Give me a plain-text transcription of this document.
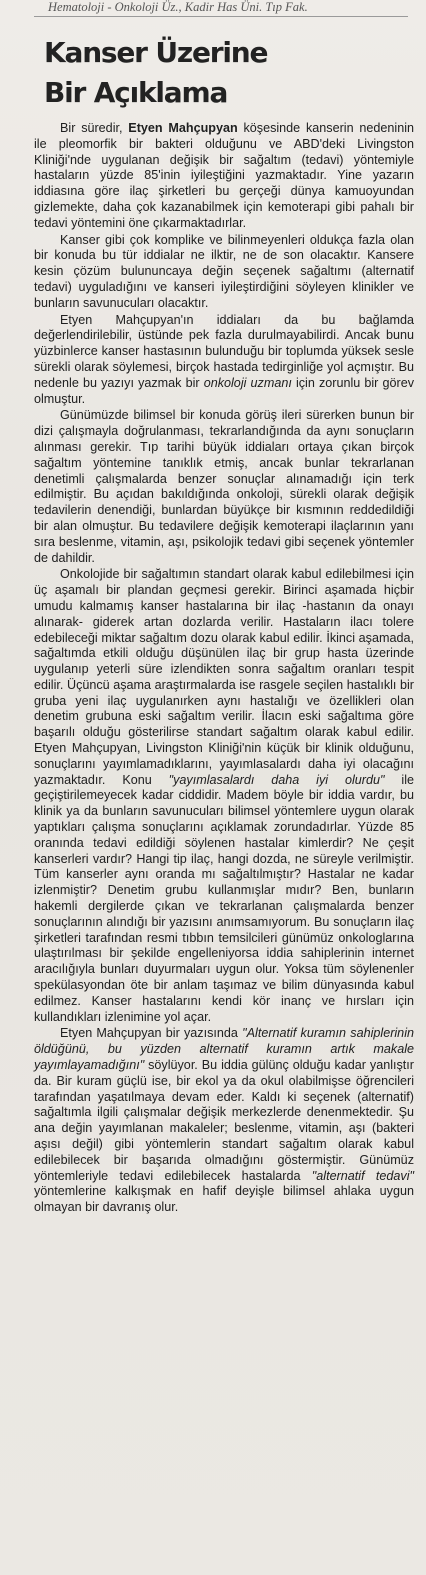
Hematoloji - Onkoloji Üz., Kadir Has Üni. Tıp Fak.
Kanser Üzerine
Bir Açıklama

Bir süredir, Etyen Mahçupyan köşesinde kanserin nedeninin ile pleomorfik bir bakteri olduğunu ve ABD'deki Livingston Kliniği'nde uygulanan değişik bir sağaltım (tedavi) yöntemiyle hastaların yüzde 85'inin iyileştiğini yazmaktadır. Yine yazarın iddiasına göre ilaç şirketleri bu gerçeği dünya kamuoyundan gizlemekte, daha çok kazanabilmek için kemoterapi gibi pahalı bir tedavi yöntemini öne çıkarmaktadırlar.

Kanser gibi çok komplike ve bilinmeyenleri oldukça fazla olan bir konuda bu tür iddialar ne ilktir, ne de son olacaktır. Kansere kesin çözüm bulununcaya değin seçenek sağaltımı (alternatif tedavi) uyguladığını ve kanseri iyileştirdiğini söyleyen klinikler ve bunların savunucuları olacaktır.

Etyen Mahçupyan'ın iddiaları da bu bağlamda değerlendirilebilir, üstünde pek fazla durulmayabilirdi. Ancak bunu yüzbinlerce kanser hastasının bulunduğu bir toplumda yüksek sesle sürekli olarak söylemesi, birçok hastada tedirginliğe yol açmıştır. Bu nedenle bu yazıyı yazmak bir onkoloji uzmanı için zorunlu bir görev olmuştur.

Günümüzde bilimsel bir konuda görüş ileri sürerken bunun bir dizi çalışmayla doğrulanması, tekrarlandığında da aynı sonuçların alınması gerekir. Tıp tarihi büyük iddiaları ortaya çıkan birçok sağaltım yöntemine tanıklık etmiş, ancak bunlar tekrarlanan denetimli çalışmalarda benzer sonuçlar alınamadığı için terk edilmiştir. Bu açıdan bakıldığında onkoloji, sürekli olarak değişik tedavilerin denendiği, bunlardan büyükçe bir kısmının reddedildiği bir alan olmuştur. Bu tedavilere değişik kemoterapi ilaçlarının yanı sıra beslenme, vitamin, aşı, psikolojik tedavi gibi seçenek yöntemler de dahildir.

Onkolojide bir sağaltımın standart olarak kabul edilebilmesi için üç aşamalı bir plandan geçmesi gerekir. Birinci aşamada hiçbir umudu kalmamış kanser hastalarına bir ilaç -hastanın da onayı alınarak- giderek artan dozlarda verilir. Hastaların ilacı tolere edebileceği miktar sağaltım dozu olarak kabul edilir. İkinci aşamada, sağaltımda etkili olduğu düşünülen ilaç bir grup hasta üzerinde uygulanıp yeterli süre izlendikten sonra sağaltım oranları tespit edilir. Üçüncü aşama araştırmalarda ise rasgele seçilen hastalıklı bir gruba yeni ilaç uygulanırken aynı hastalığı ve özellikleri olan denetim grubuna eski sağaltım verilir. İlacın eski sağaltıma göre başarılı olduğu gösterilirse standart sağaltım olarak kabul edilir. Etyen Mahçupyan, Livingston Kliniği'nin küçük bir klinik olduğunu, sonuçlarını yayımlamadıklarını, yayımlasalardı daha iyi olacağını yazmaktadır. Konu "yayımlasalardı daha iyi olurdu" ile geçiştirilemeyecek kadar ciddidir. Madem böyle bir iddia vardır, bu klinik ya da bunların savunucuları bilimsel yöntemlere uygun olarak yaptıkları çalışma sonuçlarını açıklamak zorundadırlar. Yüzde 85 oranında tedavi edildiği söylenen hastalar kimlerdir? Ne çeşit kanserleri vardır? Hangi tip ilaç, hangi dozda, ne süreyle verilmiştir. Tüm kanserler aynı oranda mı sağaltılmıştır? Hastalar ne kadar izlenmiştir? Denetim grubu kullanmışlar mıdır? Ben, bunların hakemli dergilerde çıkan ve tekrarlanan çalışmalarda benzer sonuçlarının alındığı bir yazısını anımsamıyorum. Bu sonuçların ilaç şirketleri tarafından resmi tıbbın temsilcileri günümüz onkologlarına ulaştırılması bir şekilde engelleniyorsa iddia sahiplerinin internet aracılığıyla bunları duyurmaları uygun olur. Yoksa tüm söylenenler spekülasyondan öte bir anlam taşımaz ve bilim dünyasında kabul edilmez. Kanser hastalarını kendi kör inanç ve hırsları için kullandıkları izlenimine yol açar.

Etyen Mahçupyan bir yazısında "Alternatif kuramın sahiplerinin öldüğünü, bu yüzden alternatif kuramın artık makale yayımlayamadığını" söylüyor. Bu iddia gülünç olduğu kadar yanlıştır da. Bir kuram güçlü ise, bir ekol ya da okul olabilmişse öğrencileri tarafından yaşatılmaya devam eder. Kaldı ki seçenek (alternatif) sağaltımla ilgili çalışmalar değişik merkezlerde denenmektedir. Şu ana değin yayımlanan makaleler; beslenme, vitamin, aşı (bakteri aşısı değil) gibi yöntemlerin standart sağaltım olarak kabul edilebilecek bir başarıda olmadığını göstermiştir. Günümüz yöntemleriyle tedavi edilebilecek hastalarda "alternatif tedavi" yöntemlerine kalkışmak en hafif deyişle bilimsel ahlaka uygun olmayan bir davranış olur.
